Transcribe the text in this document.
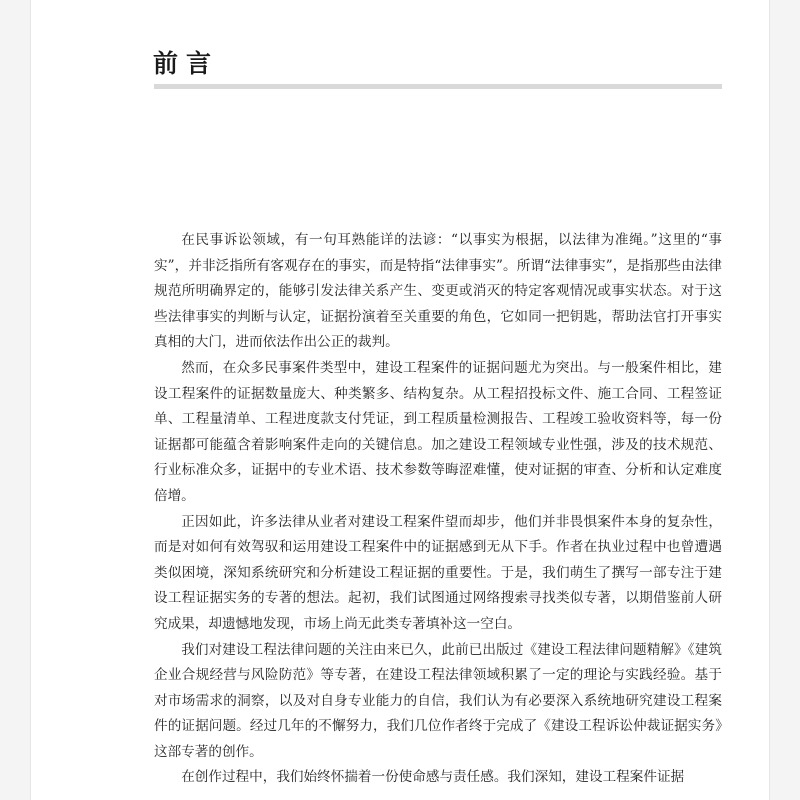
前言

在民事诉讼领域，有一句耳熟能详的法谚：“以事实为根据，以法律为准绳。”这里的“事实”，并非泛指所有客观存在的事实，而是特指“法律事实”。所谓“法律事实”，是指那些由法律规范所明确界定的，能够引发法律关系产生、变更或消灭的特定客观情况或事实状态。对于这些法律事实的判断与认定，证据扮演着至关重要的角色，它如同一把钥匙，帮助法官打开事实真相的大门，进而依法作出公正的裁判。

然而，在众多民事案件类型中，建设工程案件的证据问题尤为突出。与一般案件相比，建设工程案件的证据数量庞大、种类繁多、结构复杂。从工程招投标文件、施工合同、工程签证单、工程量清单、工程进度款支付凭证，到工程质量检测报告、工程竣工验收资料等，每一份证据都可能蕴含着影响案件走向的关键信息。加之建设工程领域专业性强，涉及的技术规范、行业标准众多，证据中的专业术语、技术参数等晦涩难懂，使对证据的审查、分析和认定难度倍增。

正因如此，许多法律从业者对建设工程案件望而却步，他们并非畏惧案件本身的复杂性，而是对如何有效驾驭和运用建设工程案件中的证据感到无从下手。作者在执业过程中也曾遭遇类似困境，深知系统研究和分析建设工程证据的重要性。于是，我们萌生了撰写一部专注于建设工程证据实务的专著的想法。起初，我们试图通过网络搜索寻找类似专著，以期借鉴前人研究成果，却遗憾地发现，市场上尚无此类专著填补这一空白。

我们对建设工程法律问题的关注由来已久，此前已出版过《建设工程法律问题精解》《建筑企业合规经营与风险防范》等专著，在建设工程法律领域积累了一定的理论与实践经验。基于对市场需求的洞察，以及对自身专业能力的自信，我们认为有必要深入系统地研究建设工程案件的证据问题。经过几年的不懈努力，我们几位作者终于完成了《建设工程诉讼仲裁证据实务》这部专著的创作。

在创作过程中，我们始终怀揣着一份使命感与责任感。我们深知，建设工程案件证据
